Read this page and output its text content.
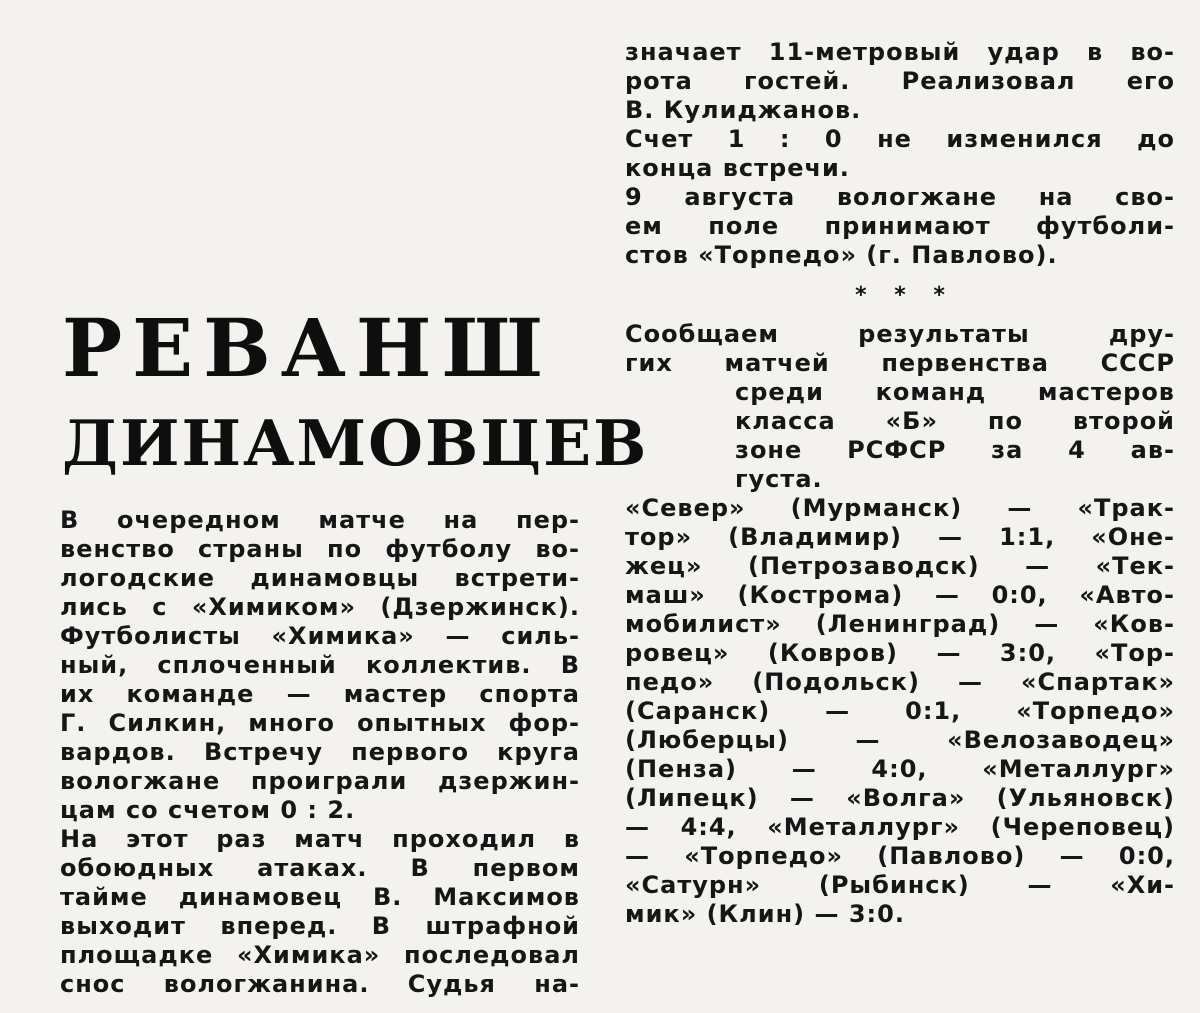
РЕВАНШ
ДИНАМОВЦЕВ
В очередном матче на пер-
венство страны по футболу во-
логодские динамовцы встрети-
лись с «Химиком» (Дзержинск).
Футболисты «Химика» — силь-
ный, сплоченный коллектив. В
их команде — мастер спорта
Г. Силкин, много опытных фор-
вардов. Встречу первого круга
вологжане проиграли дзержин-
цам со счетом 0 : 2.
На этот раз матч проходил в
обоюдных атаках. В первом
тайме динамовец В. Максимов
выходит вперед. В штрафной
площадке «Химика» последовал
снос вологжанина. Судья на-
значает 11-метровый удар в во-
рота гостей. Реализовал его
В. Кулиджанов.
Счет 1 : 0 не изменился до
конца встречи.
9 августа вологжане на сво-
ем поле принимают футболи-
стов «Торпедо» (г. Павлово).
* * *
Сообщаем результаты дру-
гих матчей первенства СССР
среди команд мастеров
класса «Б» по второй
зоне РСФСР за 4 ав-
густа.
«Север» (Мурманск) — «Трак-
тор» (Владимир) — 1:1, «Оне-
жец» (Петрозаводск) — «Тек-
маш» (Кострома) — 0:0, «Авто-
мобилист» (Ленинград) — «Ков-
ровец» (Ковров) — 3:0, «Тор-
педо» (Подольск) — «Спартак»
(Саранск) — 0:1, «Торпедо»
(Люберцы) — «Велозаводец»
(Пенза) — 4:0, «Металлург»
(Липецк) — «Волга» (Ульяновск)
— 4:4, «Металлург» (Череповец)
— «Торпедо» (Павлово) — 0:0,
«Сатурн» (Рыбинск) — «Хи-
мик» (Клин) — 3:0.
